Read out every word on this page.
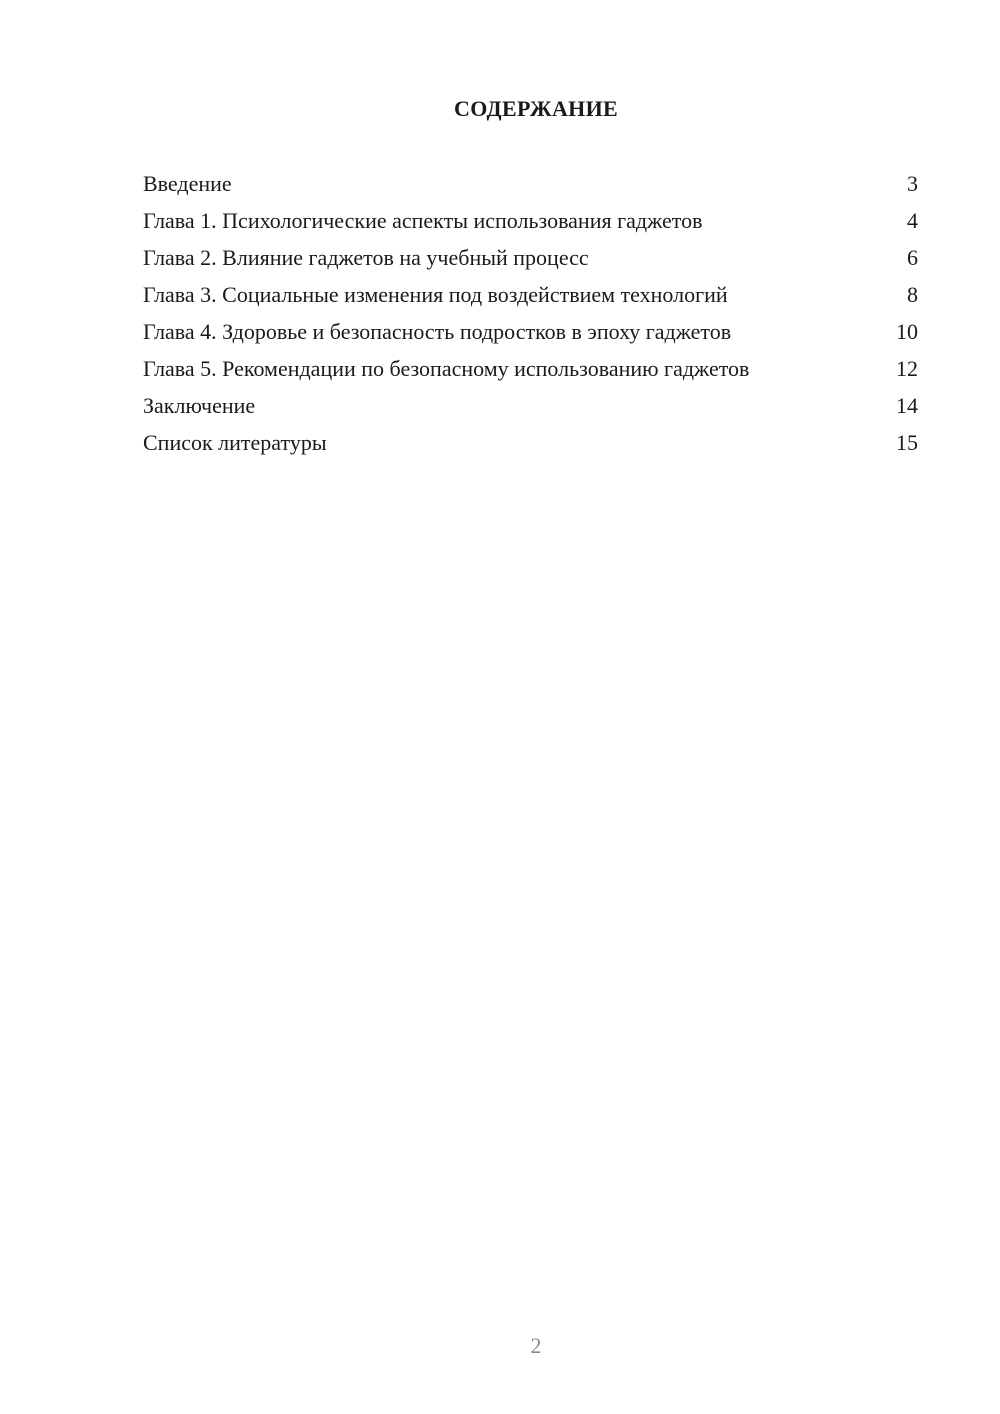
СОДЕРЖАНИЕ
Введение	3
Глава 1. Психологические аспекты использования гаджетов	4
Глава 2. Влияние гаджетов на учебный процесс	6
Глава 3. Социальные изменения под воздействием технологий	8
Глава 4. Здоровье и безопасность подростков в эпоху гаджетов	10
Глава 5. Рекомендации по безопасному использованию гаджетов	12
Заключение	14
Список литературы	15
2
